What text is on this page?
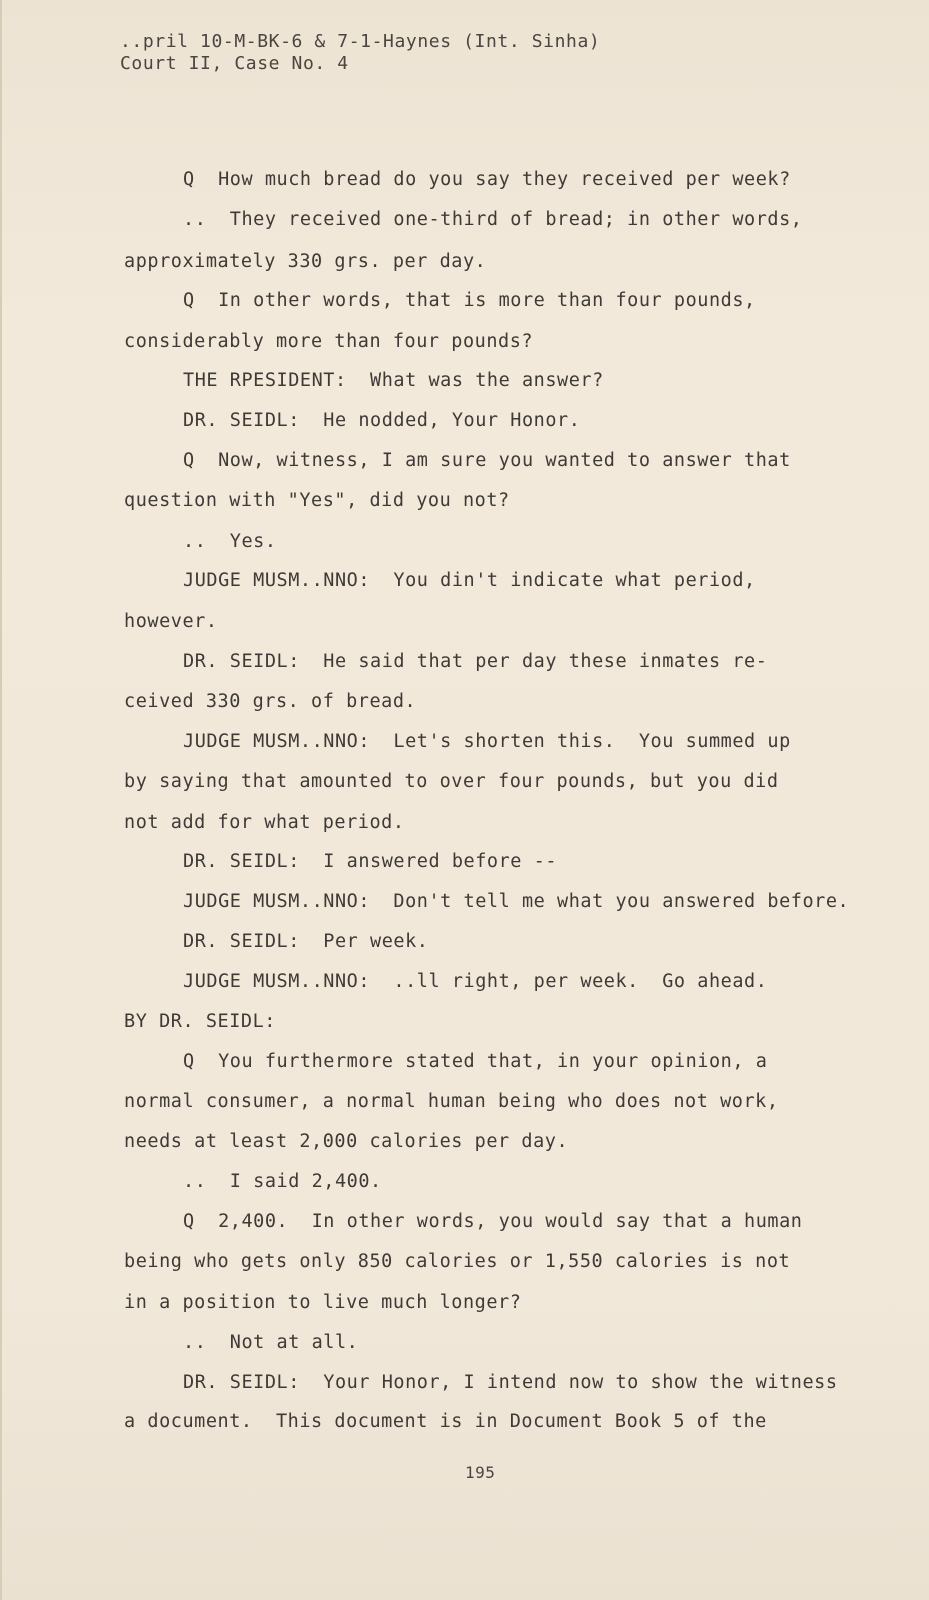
..pril 10-M-BK-6 & 7-1-Haynes (Int. Sinha)
Court II, Case No. 4
Q  How much bread do you say they received per week?
..  They received one-third of bread; in other words,
approximately 330 grs. per day.
Q  In other words, that is more than four pounds,
considerably more than four pounds?
THE RPESIDENT:  What was the answer?
DR. SEIDL:  He nodded, Your Honor.
Q  Now, witness, I am sure you wanted to answer that
question with "Yes", did you not?
..  Yes.
JUDGE MUSM..NNO:  You din't indicate what period,
however.
DR. SEIDL:  He said that per day these inmates re-
ceived 330 grs. of bread.
JUDGE MUSM..NNO:  Let's shorten this.  You summed up
by saying that amounted to over four pounds, but you did
not add for what period.
DR. SEIDL:  I answered before --
JUDGE MUSM..NNO:  Don't tell me what you answered before.
DR. SEIDL:  Per week.
JUDGE MUSM..NNO:  ..ll right, per week.  Go ahead.
BY DR. SEIDL:
Q  You furthermore stated that, in your opinion, a
normal consumer, a normal human being who does not work,
needs at least 2,000 calories per day.
..  I said 2,400.
Q  2,400.  In other words, you would say that a human
being who gets only 850 calories or 1,550 calories is not
in a position to live much longer?
..  Not at all.
DR. SEIDL:  Your Honor, I intend now to show the witness
a document.  This document is in Document Book 5 of the
195
